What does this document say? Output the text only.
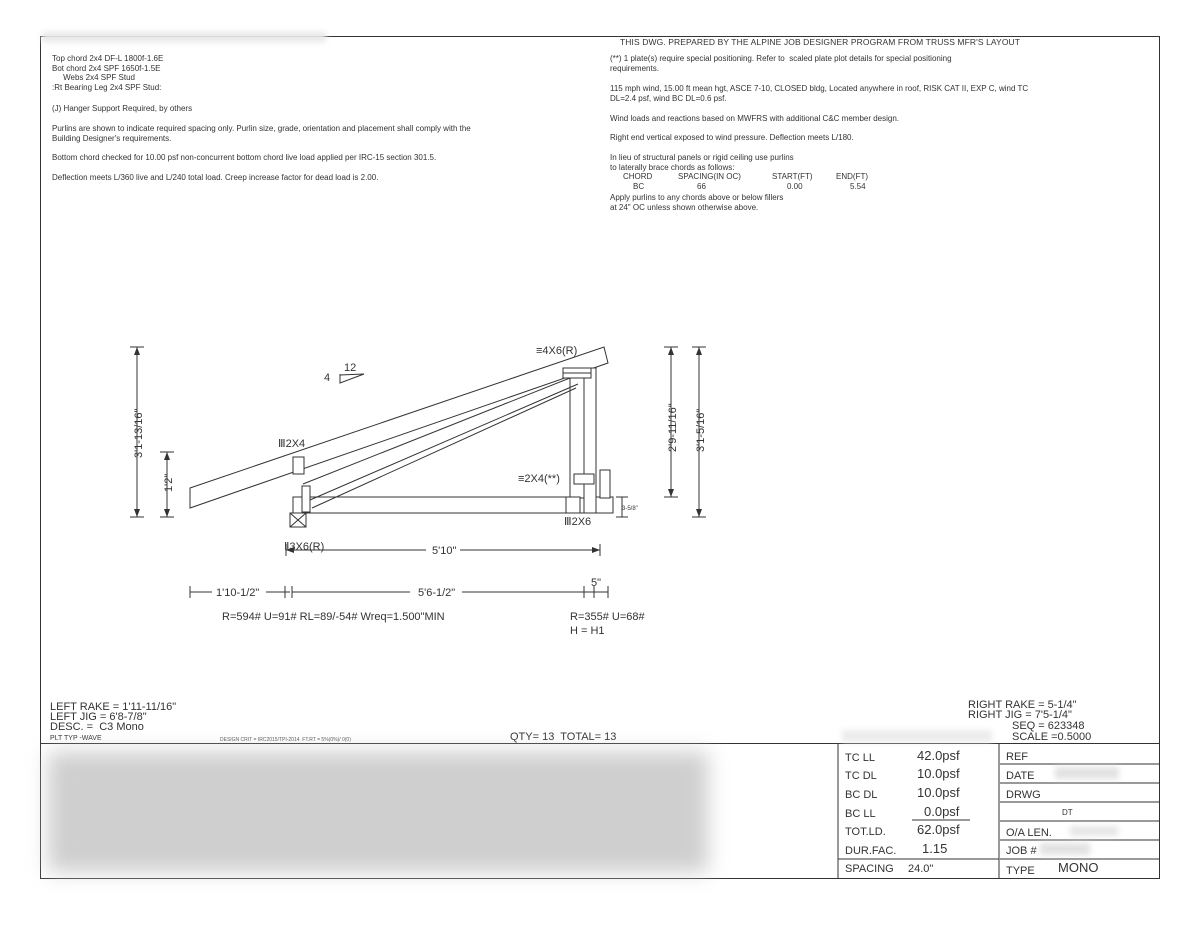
THIS DWG. PREPARED BY THE ALPINE JOB DESIGNER PROGRAM FROM TRUSS MFR'S LAYOUT
Top chord 2x4 DF-L 1800f-1.6E
Bot chord 2x4 SPF 1650f-1.5E
Webs 2x4 SPF Stud
:Rt Bearing Leg 2x4 SPF Stud:
(J) Hanger Support Required, by others
Purlins are shown to indicate required spacing only. Purlin size, grade, orientation and placement shall comply with the
Building Designer's requirements.
Bottom chord checked for 10.00 psf non-concurrent bottom chord live load applied per IRC-15 section 301.5.
Deflection meets L/360 live and L/240 total load. Creep increase factor for dead load is 2.00.
(**) 1 plate(s) require special positioning. Refer to  scaled plate plot details for special positioning
requirements.
115 mph wind, 15.00 ft mean hgt, ASCE 7-10, CLOSED bldg, Located anywhere in roof, RISK CAT II, EXP C, wind TC
DL=2.4 psf, wind BC DL=0.6 psf.
Wind loads and reactions based on MWFRS with additional C&C member design.
Right end vertical exposed to wind pressure. Deflection meets L/180.
In lieu of structural panels or rigid ceiling use purlins
to laterally brace chords as follows:
CHORD	SPACING(IN OC)	START(FT)	END(FT)
BC	66	0.00	5.54
Apply purlins to any chords above or below fillers
at 24" OC unless shown otherwise above.
3'1-13/16"
1'2"
2'9-11/16" 3'1-5/16"
3-5/8"
12
4
≡4X6(R)
Ⅲ2X4
≡2X4(**)
Ⅲ2X6
Ⅱ3X6(R)	5'10"
1'10-1/2"	5'6-1/2"
5"
R=594# U=91# RL=89/-54# Wreq=1.500"MIN	R=355# U=68#
H = H1
LEFT RAKE = 1'11-11/16"
LEFT JIG = 6'8-7/8"
DESC. =  C3 Mono
PLT TYP -WAVE	DESIGN CRIT = IRC2015/TPI-2014  FT.RT = 5%(0%)/ 0(0)	QTY= 13  TOTAL= 13
RIGHT RAKE = 5-1/4"
RIGHT JIG = 7'5-1/4"
SEQ = 623348
SCALE =0.5000
TC LL	42.0psf
TC DL	10.0psf
BC DL	10.0psf
BC LL	0.0psf
TOT.LD. 62.0psf
DUR.FAC. 1.15
SPACING 24.0"
REF
DATE
DRWG
DT
O/A LEN.
JOB #
TYPE MONO
